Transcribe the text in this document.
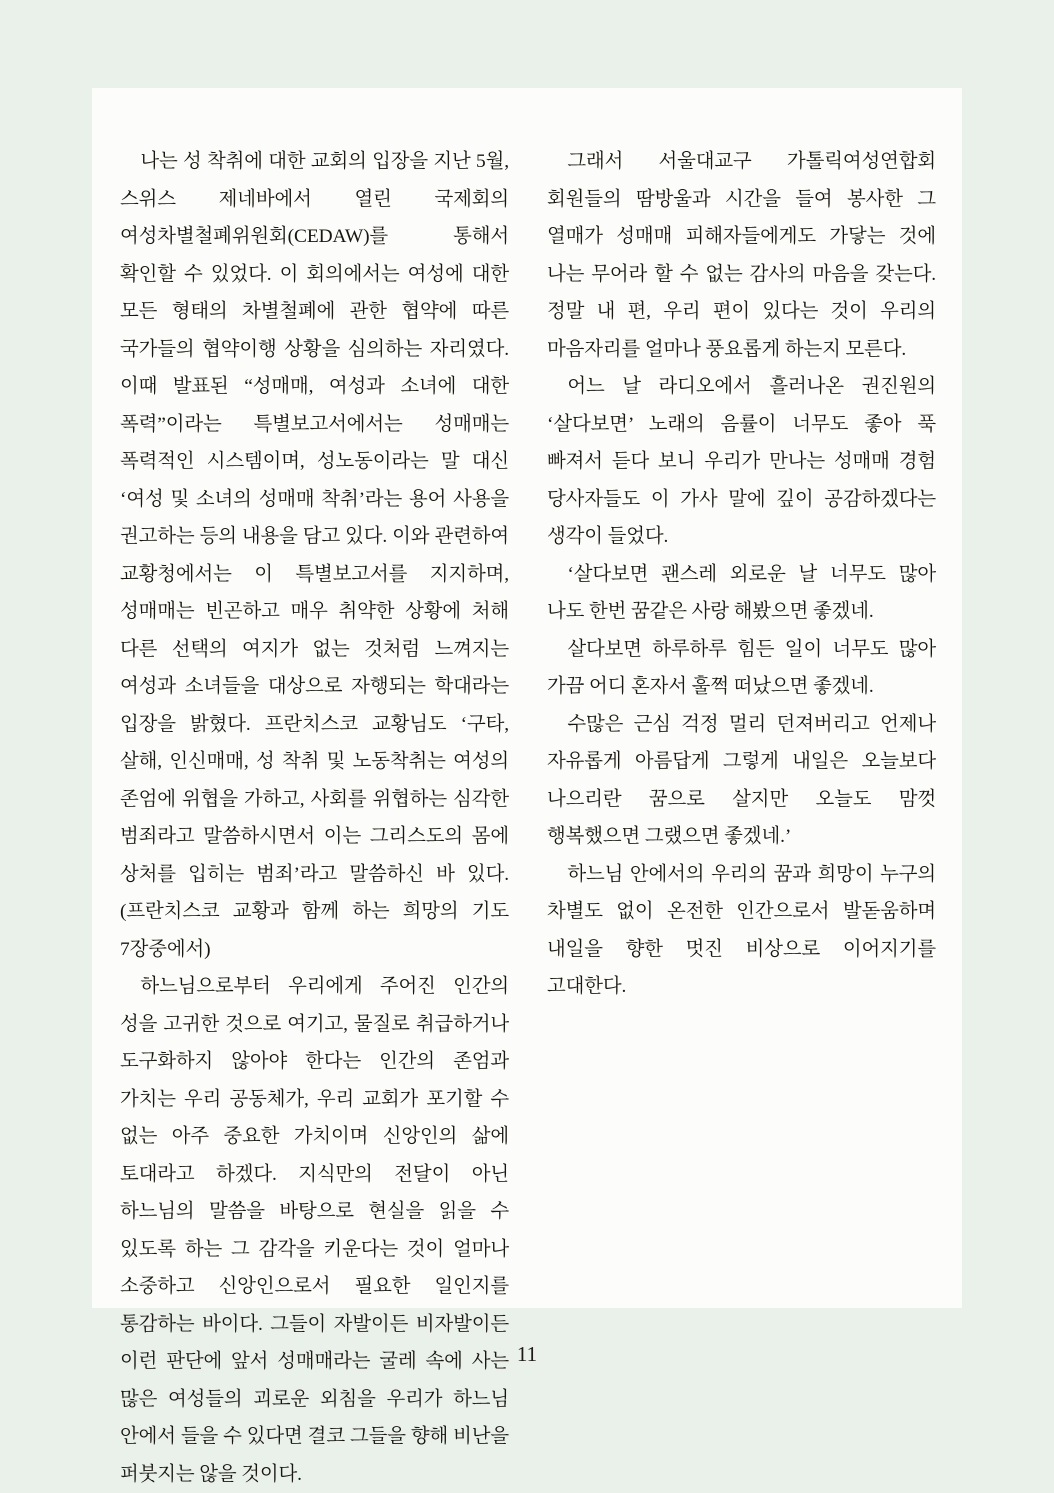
나는 성 착취에 대한 교회의 입장을 지난 5월, 스위스 제네바에서 열린 국제회의 여성차별철폐위원회(CEDAW)를 통해서 확인할 수 있었다. 이 회의에서는 여성에 대한 모든 형태의 차별철폐에 관한 협약에 따른 국가들의 협약이행 상황을 심의하는 자리였다. 이때 발표된 “성매매, 여성과 소녀에 대한 폭력”이라는 특별보고서에서는 성매매는 폭력적인 시스템이며, 성노동이라는 말 대신 ‘여성 및 소녀의 성매매 착취’라는 용어 사용을 권고하는 등의 내용을 담고 있다. 이와 관련하여 교황청에서는 이 특별보고서를 지지하며, 성매매는 빈곤하고 매우 취약한 상황에 처해 다른 선택의 여지가 없는 것처럼 느껴지는 여성과 소녀들을 대상으로 자행되는 학대라는 입장을 밝혔다. 프란치스코 교황님도 ‘구타, 살해, 인신매매, 성 착취 및 노동착취는 여성의 존엄에 위협을 가하고, 사회를 위협하는 심각한 범죄라고 말씀하시면서 이는 그리스도의 몸에 상처를 입히는 범죄’라고 말씀하신 바 있다.(프란치스코 교황과 함께 하는 희망의 기도 7장중에서)

하느님으로부터 우리에게 주어진 인간의 성을 고귀한 것으로 여기고, 물질로 취급하거나 도구화하지 않아야 한다는 인간의 존엄과 가치는 우리 공동체가, 우리 교회가 포기할 수 없는 아주 중요한 가치이며 신앙인의 삶에 토대라고 하겠다. 지식만의 전달이 아닌 하느님의 말씀을 바탕으로 현실을 읽을 수 있도록 하는 그 감각을 키운다는 것이 얼마나 소중하고 신앙인으로서 필요한 일인지를 통감하는 바이다. 그들이 자발이든 비자발이든 이런 판단에 앞서 성매매라는 굴레 속에 사는 많은 여성들의 괴로운 외침을 우리가 하느님 안에서 들을 수 있다면 결코 그들을 향해 비난을 퍼붓지는 않을 것이다.

그래서 서울대교구 가톨릭여성연합회 회원들의 땀방울과 시간을 들여 봉사한 그 열매가 성매매 피해자들에게도 가닿는 것에 나는 무어라 할 수 없는 감사의 마음을 갖는다. 정말 내 편, 우리 편이 있다는 것이 우리의 마음자리를 얼마나 풍요롭게 하는지 모른다.

어느 날 라디오에서 흘러나온 권진원의 ‘살다보면’ 노래의 음률이 너무도 좋아 푹 빠져서 듣다 보니 우리가 만나는 성매매 경험 당사자들도 이 가사 말에 깊이 공감하겠다는 생각이 들었다.

‘살다보면 괜스레 외로운 날 너무도 많아 나도 한번 꿈같은 사랑 해봤으면 좋겠네.

살다보면 하루하루 힘든 일이 너무도 많아 가끔 어디 혼자서 훌쩍 떠났으면 좋겠네.

수많은 근심 걱정 멀리 던져버리고 언제나 자유롭게 아름답게 그렇게 내일은 오늘보다 나으리란 꿈으로 살지만 오늘도 맘껏 행복했으면 그랬으면 좋겠네.’

하느님 안에서의 우리의 꿈과 희망이 누구의 차별도 없이 온전한 인간으로서 발돋움하며 내일을 향한 멋진 비상으로 이어지기를 고대한다.

11
